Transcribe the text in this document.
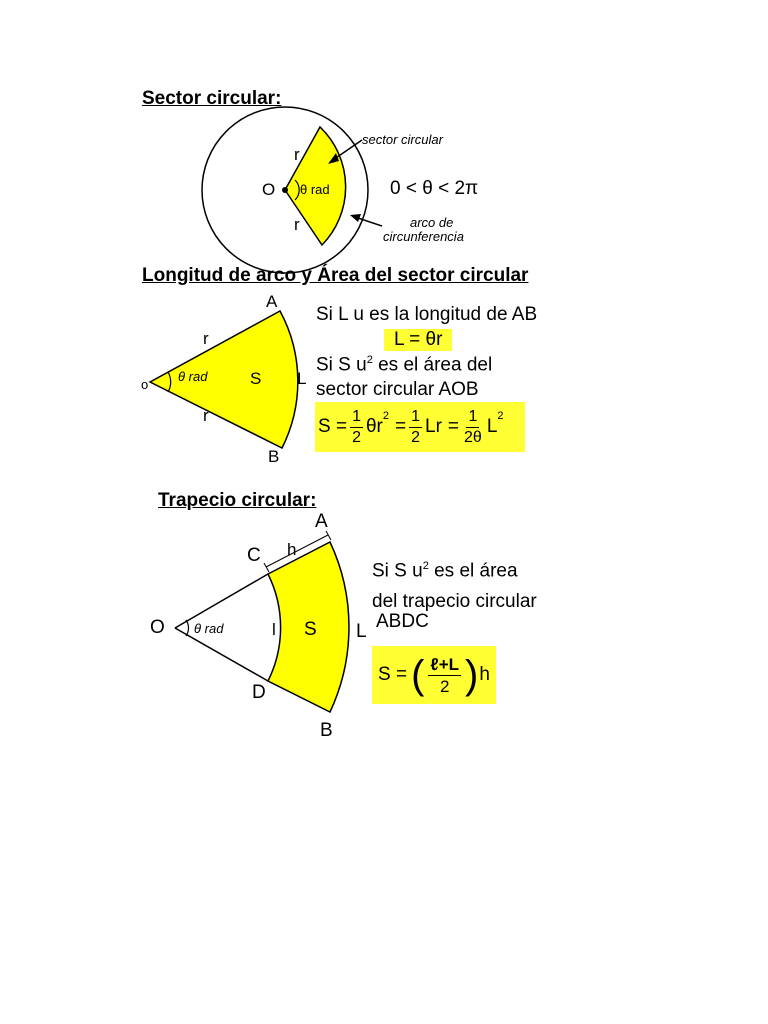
Sector circular:
sector circular
arco de
circunferencia
O
r
r
θ rad	0 < θ < 2π
Longitud de arco y Área del sector circular
A
B
o
r
r
θ rad	S L
Si L u es la longitud de AB
L = θr
Si S $u^2$ es el área del
sector circular AOB
$S = \frac{1}{2} \theta r^2 = \frac{1}{2}$ $Lr = \frac{1}{2\theta} L^2$
Trapecio circular:
A
B
C
D
h
O θ rad	l S L
Si S $u^2$ es el área
del trapecio circular
ABDC
S = ( $\frac{\text{ℓ+L}}{2}$ ) h
